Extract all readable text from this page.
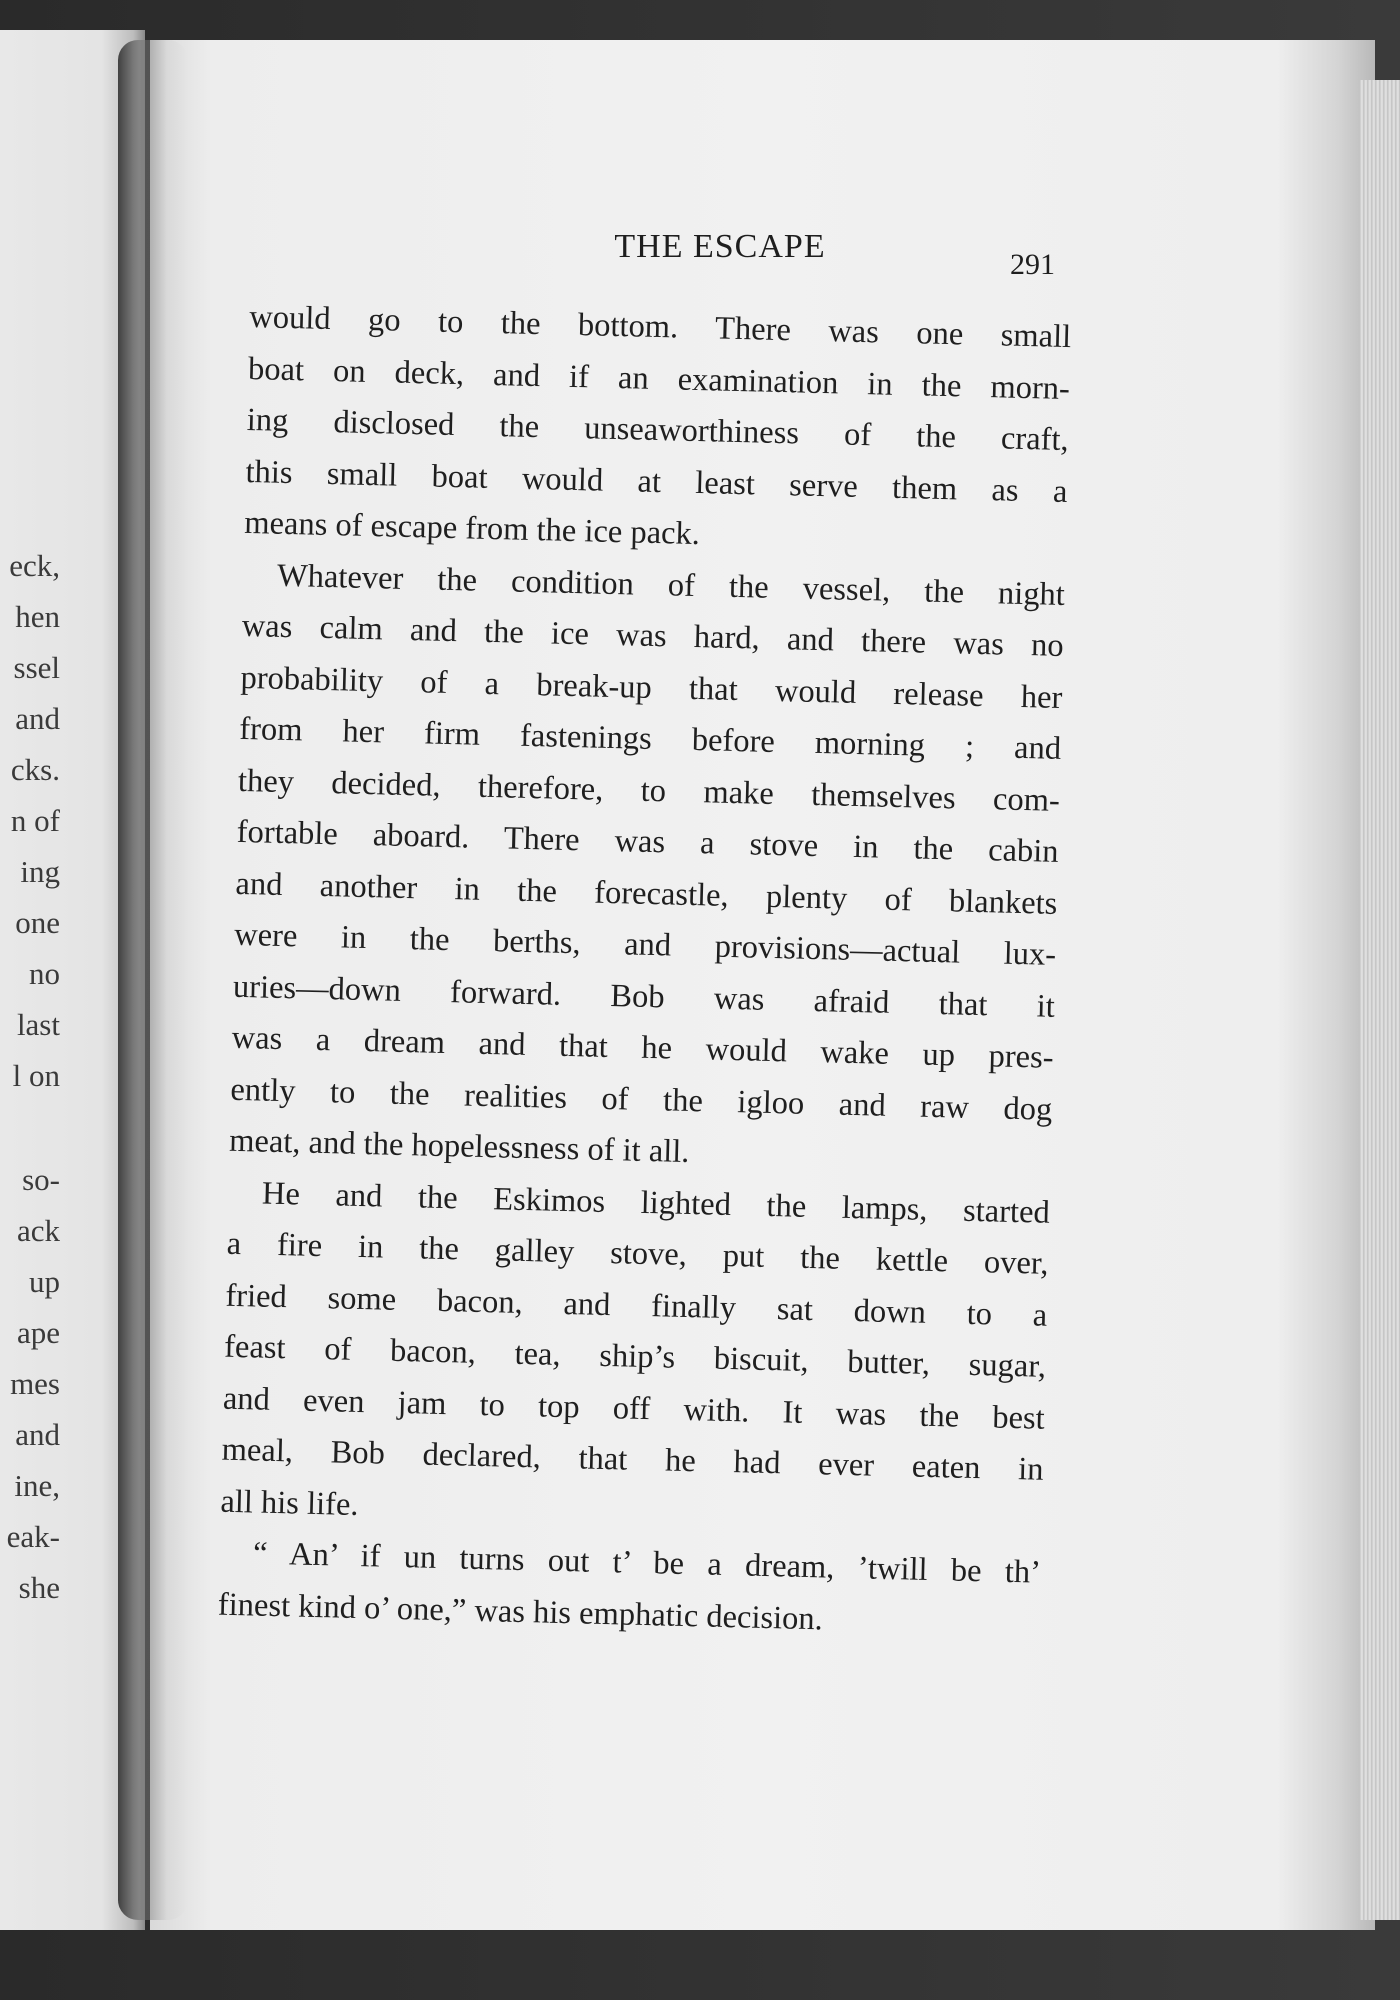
eck,
hen
ssel
and
cks.
n of
ing
one
no
last
l on
so-
ack
up
ape
mes
and
ine,
eak-
she
THE ESCAPE	291
would go to the bottom. There was one small
boat on deck, and if an examination in the morn-
ing disclosed the unseaworthiness of the craft,
this small boat would at least serve them as a
means of escape from the ice pack.
Whatever the condition of the vessel, the night
was calm and the ice was hard, and there was no
probability of a break-up that would release her
from her firm fastenings before morning ; and
they decided, therefore, to make themselves com-
fortable aboard. There was a stove in the cabin
and another in the forecastle, plenty of blankets
were in the berths, and provisions—actual lux-
uries—down forward. Bob was afraid that it
was a dream and that he would wake up pres-
ently to the realities of the igloo and raw dog
meat, and the hopelessness of it all.
He and the Eskimos lighted the lamps, started
a fire in the galley stove, put the kettle over,
fried some bacon, and finally sat down to a
feast of bacon, tea, ship’s biscuit, butter, sugar,
and even jam to top off with. It was the best
meal, Bob declared, that he had ever eaten in
all his life.
“ An’ if un turns out t’ be a dream, ’twill be th’
finest kind o’ one,” was his emphatic decision.
